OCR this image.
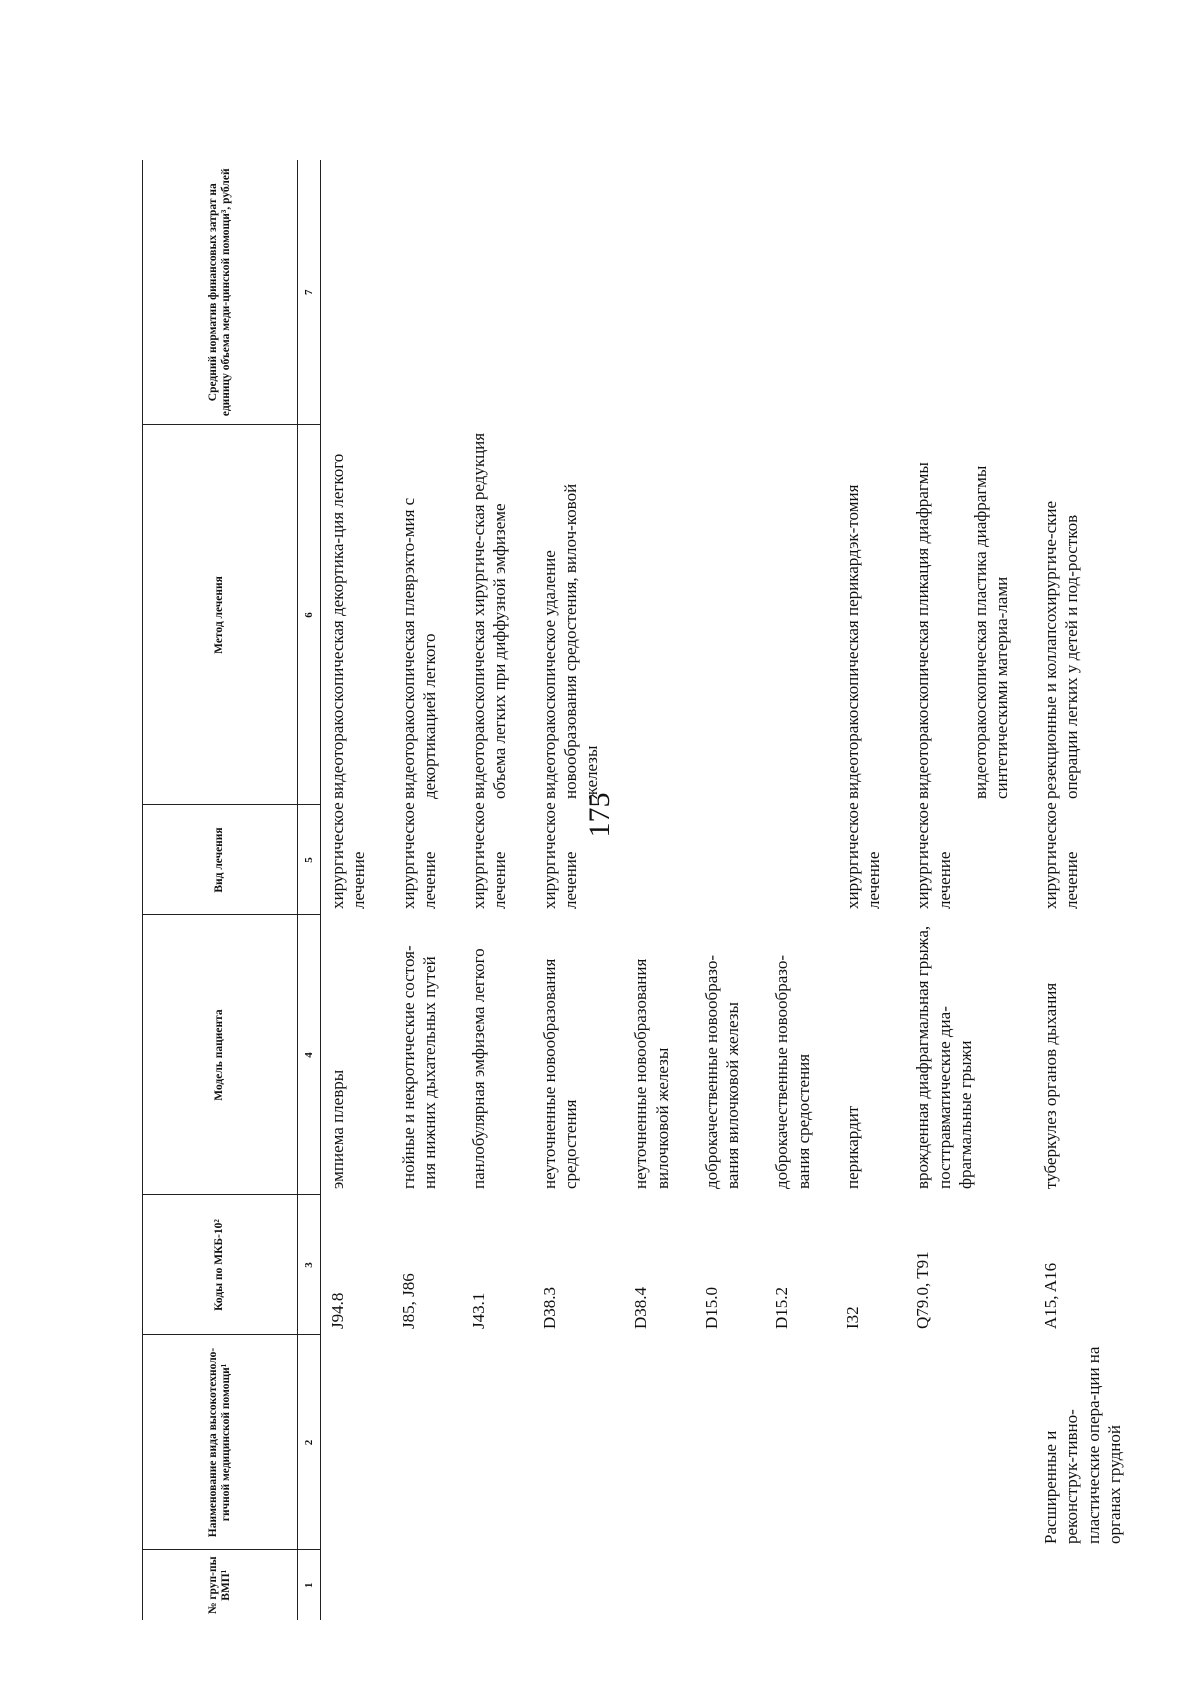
175
№ груп-пы ВМП¹	Наименование вида высокотехноло-гичной медицинской помощи¹	Коды по МКБ-10²	Модель пациента	Вид лечения	Метод лечения	Средний норматив финансовых затрат на единицу объема меди-цинской помощи³, рублей
1	2	3	4	5	6	7
		J94.8	эмпиема плевры	хирургическое лечение	видеоторакоскопическая декортика-ция легкого	
		J85, J86	гнойные и некротические состоя-ния нижних дыхательных путей	хирургическое лечение	видеоторакоскопическая плеврэкто-мия с декортикацией легкого	
		J43.1	панлобулярная эмфизема легкого	хирургическое лечение	видеоторакоскопическая хирургиче-ская редукция объема легких при диффузной эмфиземе	
		D38.3	неуточненные новообразования средостения	хирургическое лечение	видеоторакоскопическое удаление новообразования средостения, вилоч-ковой железы	
		D38.4	неуточненные новообразования вилочковой железы			
		D15.0	доброкачественные новообразо-вания вилочковой железы			
		D15.2	доброкачественные новообразо-вания средостения			
		I32	перикардит	хирургическое лечение	видеоторакоскопическая перикардэк-томия	
		Q79.0, T91	врожденная диафрагмальная грыжа, посттравматические диа-фрагмальные грыжи	хирургическое лечение	видеоторакоскопическая пликация диафрагмы видеоторакоскопическая пластика диафрагмы синтетическими материа-лами	

	Расширенные и реконструк-тивно-пластические опера-ции на органах грудной	A15, A16	туберкулез органов дыхания	хирургическое лечение	резекционные и коллапсохирургиче-ские операции легких у детей и под-ростков	
